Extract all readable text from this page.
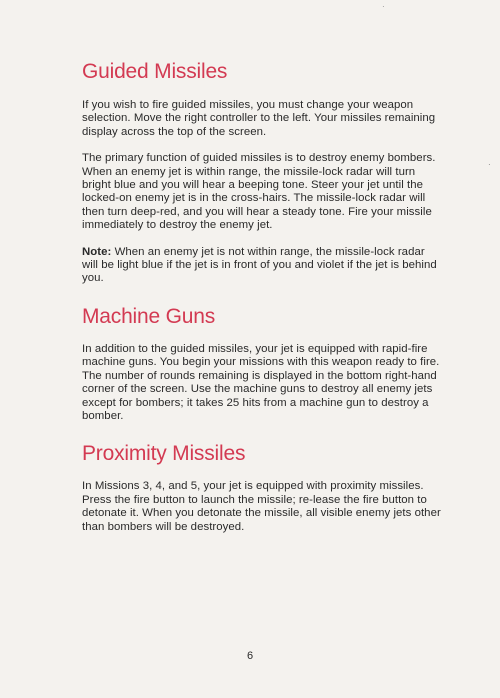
·
·
Guided Missiles

If you wish to fire guided missiles, you must change your weapon selection. Move the right controller to the left. Your missiles remaining display across the top of the screen.

The primary function of guided missiles is to destroy enemy bombers. When an enemy jet is within range, the missile-lock radar will turn bright blue and you will hear a beeping tone. Steer your jet until the locked-on enemy jet is in the cross-hairs. The missile-lock radar will then turn deep-red, and you will hear a steady tone. Fire your missile immediately to destroy the enemy jet.

Note: When an enemy jet is not within range, the missile-lock radar will be light blue if the jet is in front of you and violet if the jet is behind you.

Machine Guns

In addition to the guided missiles, your jet is equipped with rapid-fire machine guns. You begin your missions with this weapon ready to fire. The number of rounds remaining is displayed in the bottom right-hand corner of the screen. Use the machine guns to destroy all enemy jets except for bombers; it takes 25 hits from a machine gun to destroy a bomber.

Proximity Missiles

In Missions 3, 4, and 5, your jet is equipped with proximity missiles. Press the fire button to launch the missile; re-lease the fire button to detonate it. When you detonate the missile, all visible enemy jets other than bombers will be destroyed.

6
